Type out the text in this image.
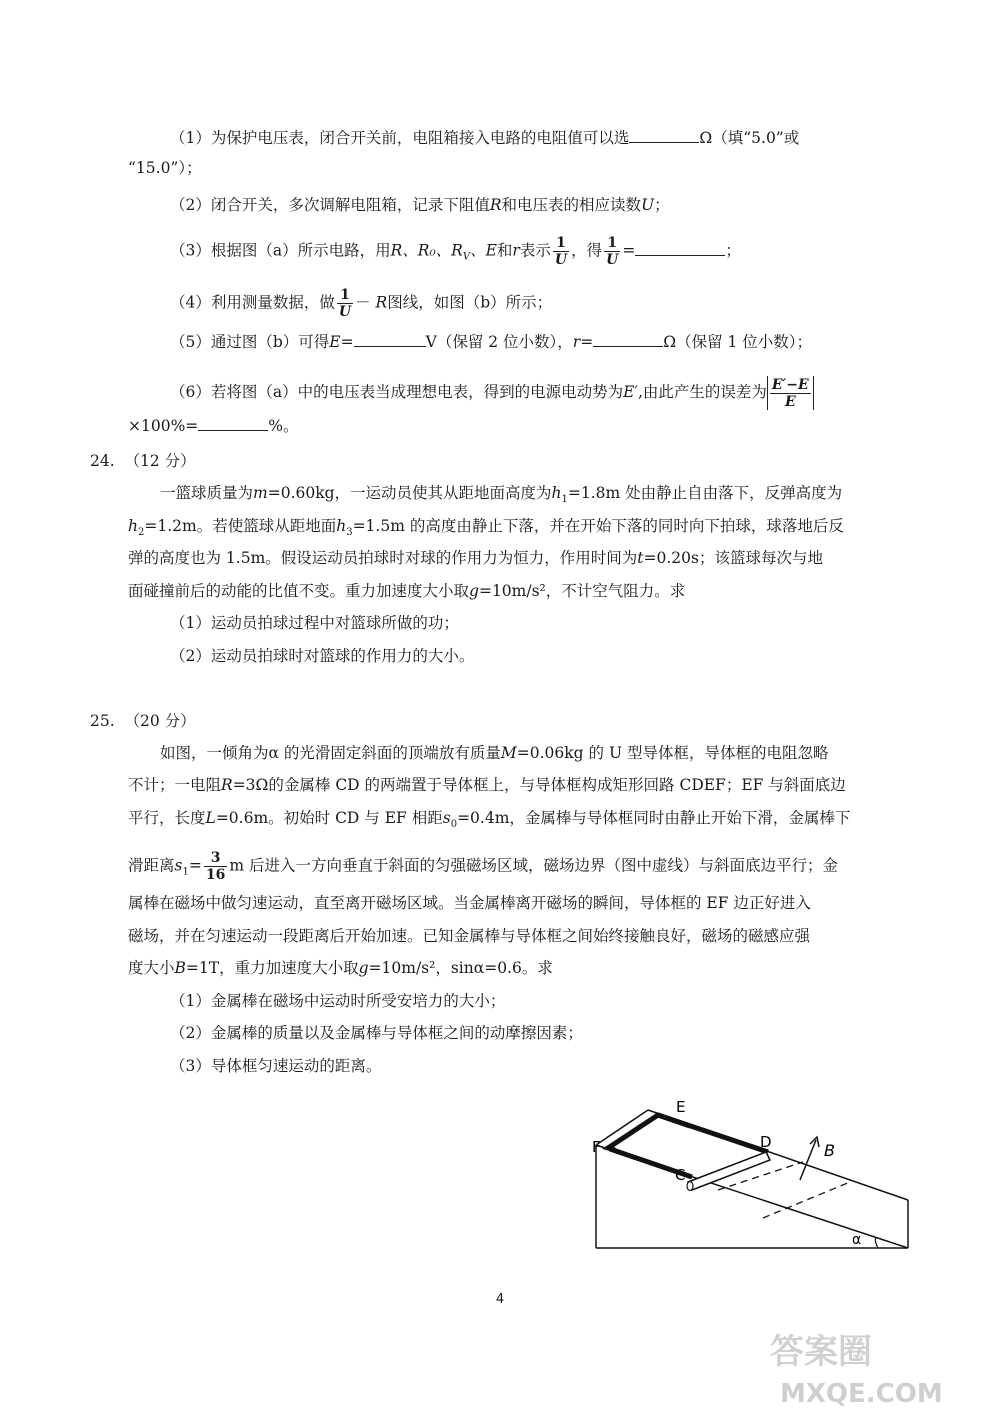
（1）为保护电压表，闭合开关前，电阻箱接入电路的电阻值可以选	Ω（填“5.0”或
“15.0”）；
（2）闭合开关，多次调解电阻箱，记录下阻值R和电压表的相应读数U；
（3）根据图（a）所示电路，用R、R₀、$R_V$、E和r表示 $\frac{1}{U}$ ，得 $\frac{1}{U}$ =	；
（4）利用测量数据，做 $\frac{1}{U} - R$图线，如图（b）所示；
（5）通过图（b）可得E=	V（保留 2 位小数），r=	Ω（保留 1 位小数）；
（6）若将图（a）中的电压表当成理想电表，得到的电源电动势为E′,由此产生的误差为 $\frac{E'-E}{E}$
×100%=	%。
24. （12 分）
一篮球质量为m=0.60kg，一运动员使其从距地面高度为$h_1=1.8m$ 处由静止自由落下，反弹高度为
$h_2=1.2m$。若使篮球从距地面$h_3=1.5m$ 的高度由静止下落，并在开始下落的同时向下拍球，球落地后反
弹的高度也为 1.5m。假设运动员拍球时对球的作用力为恒力，作用时间为t=0.20s；该篮球每次与地
面碰撞前后的动能的比值不变。重力加速度大小取g=10m/s²，不计空气阻力。求
（1）运动员拍球过程中对篮球所做的功；
（2）运动员拍球时对篮球的作用力的大小。
25. （20 分）
如图，一倾角为α 的光滑固定斜面的顶端放有质量M=0.06kg 的 U 型导体框，导体框的电阻忽略
不计；一电阻R=3Ω的金属棒 CD 的两端置于导体框上，与导体框构成矩形回路 CDEF；EF 与斜面底边
平行，长度L=0.6m。初始时 CD 与 EF 相距$s_0=0.4m$，金属棒与导体框同时由静止开始下滑，金属棒下
滑距离$s_1= \frac{3}{16}$ m 后进入一方向垂直于斜面的匀强磁场区域，磁场边界（图中虚线）与斜面底边平行；金
属棒在磁场中做匀速运动，直至离开磁场区域。当金属棒离开磁场的瞬间，导体框的 EF 边正好进入
磁场，并在匀速运动一段距离后开始加速。已知金属棒与导体框之间始终接触良好，磁场的磁感应强
度大小B=1T，重力加速度大小取g=10m/s²，sinα=0.6。求
（1）金属棒在磁场中运动时所受安培力的大小；
（2）金属棒的质量以及金属棒与导体框之间的动摩擦因素；
（3）导体框匀速运动的距离。
E
F	D
C
B
α
4
答案圈
MXQE.COM
